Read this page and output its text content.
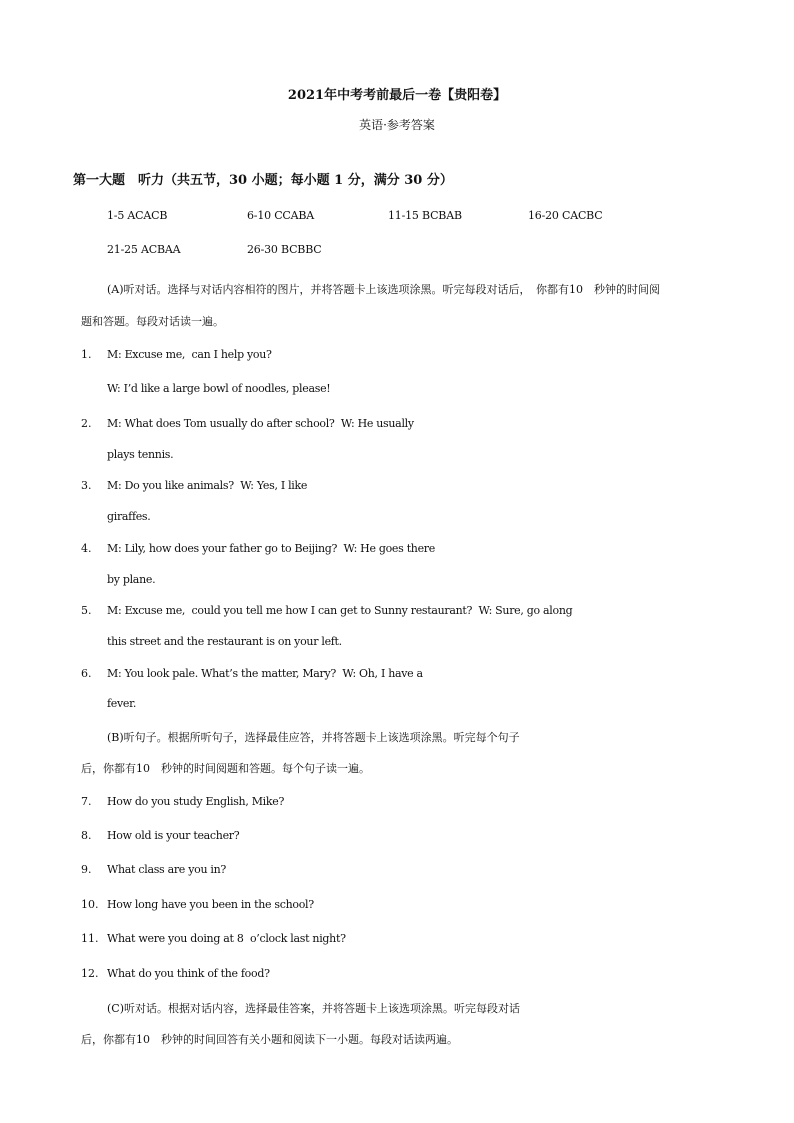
2021年中考考前最后一卷【贵阳卷】
英语·参考答案
第一大题　听力（共五节，30 小题；每小题 1 分，满分 30 分）
1-5 ACACB	6-10 CCABA	11-15 BCBAB	16-20 CACBC
21-25 ACBAA	26-30 BCBBC
(A)听对话。选择与对话内容相符的图片，并将答题卡上该选项涂黑。听完每段对话后，　你都有10　秒钟的时间阅
题和答题。每段对话读一遍。
1. M: Excuse me,  can I help you?
W: I’d like a large bowl of noodles, please!
2. M: What does Tom usually do after school?  W: He usually
plays tennis.
3. M: Do you like animals?  W: Yes, I like
giraffes.
4. M: Lily, how does your father go to Beijing?  W: He goes there
by plane.
5. M: Excuse me,  could you tell me how I can get to Sunny restaurant?  W: Sure, go along
this street and the restaurant is on your left.
6. M: You look pale. What’s the matter, Mary?  W: Oh, I have a
fever.
(B)听句子。根据所听句子，选择最佳应答，并将答题卡上该选项涂黑。听完每个句子
后，你都有10　秒钟的时间阅题和答题。每个句子读一遍。
7. How do you study English, Mike?
8. How old is your teacher?
9. What class are you in?
10. How long have you been in the school?
11. What were you doing at 8  o’clock last night?
12. What do you think of the food?
(C)听对话。根据对话内容，选择最佳答案，并将答题卡上该选项涂黑。听完每段对话
后，你都有10　秒钟的时间回答有关小题和阅读下一小题。每段对话读两遍。
